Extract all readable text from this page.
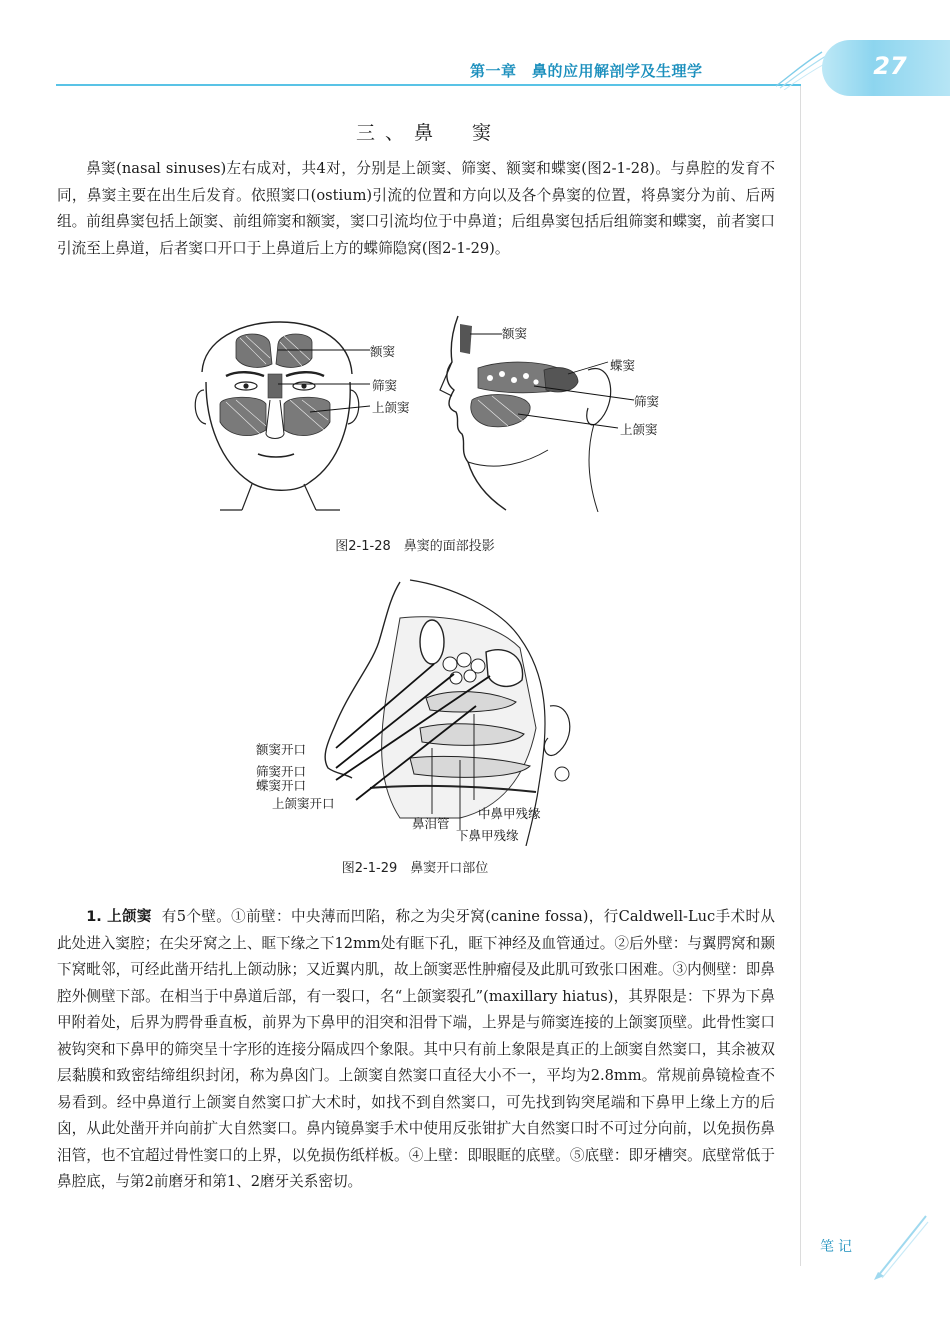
第一章　鼻的应用解剖学及生理学	27
三、鼻　窦

鼻窦(nasal sinuses)左右成对，共4对，分别是上颌窦、筛窦、额窦和蝶窦(图2-1-28)。与鼻腔的发育不同，鼻窦主要在出生后发育。依照窦口(ostium)引流的位置和方向以及各个鼻窦的位置，将鼻窦分为前、后两组。前组鼻窦包括上颌窦、前组筛窦和额窦，窦口引流均位于中鼻道；后组鼻窦包括后组筛窦和蝶窦，前者窦口引流至上鼻道，后者窦口开口于上鼻道后上方的蝶筛隐窝(图2-1-29)。

额窦
筛窦
上颌窦
额窦
蝶窦
筛窦
上颌窦
图2-1-28　鼻窦的面部投影
额窦开口
筛窦开口
蝶窦开口
上颌窦开口
鼻泪管
中鼻甲残缘
下鼻甲残缘
图2-1-29　鼻窦开口部位

1. 上颌窦 有5个壁。①前壁：中央薄而凹陷，称之为尖牙窝(canine fossa)，行Caldwell-Luc手术时从此处进入窦腔；在尖牙窝之上、眶下缘之下12mm处有眶下孔，眶下神经及血管通过。②后外壁：与翼腭窝和颞下窝毗邻，可经此凿开结扎上颌动脉；又近翼内肌，故上颌窦恶性肿瘤侵及此肌可致张口困难。③内侧壁：即鼻腔外侧壁下部。在相当于中鼻道后部，有一裂口，名“上颌窦裂孔”(maxillary hiatus)，其界限是：下界为下鼻甲附着处，后界为腭骨垂直板，前界为下鼻甲的泪突和泪骨下端，上界是与筛窦连接的上颌窦顶壁。此骨性窦口被钩突和下鼻甲的筛突呈十字形的连接分隔成四个象限。其中只有前上象限是真正的上颌窦自然窦口，其余被双层黏膜和致密结缔组织封闭，称为鼻囟门。上颌窦自然窦口直径大小不一，平均为2.8mm。常规前鼻镜检查不易看到。经中鼻道行上颌窦自然窦口扩大术时，如找不到自然窦口，可先找到钩突尾端和下鼻甲上缘上方的后囟，从此处凿开并向前扩大自然窦口。鼻内镜鼻窦手术中使用反张钳扩大自然窦口时不可过分向前，以免损伤鼻泪管，也不宜超过骨性窦口的上界，以免损伤纸样板。④上壁：即眼眶的底壁。⑤底壁：即牙槽突。底壁常低于鼻腔底，与第2前磨牙和第1、2磨牙关系密切。

笔记
